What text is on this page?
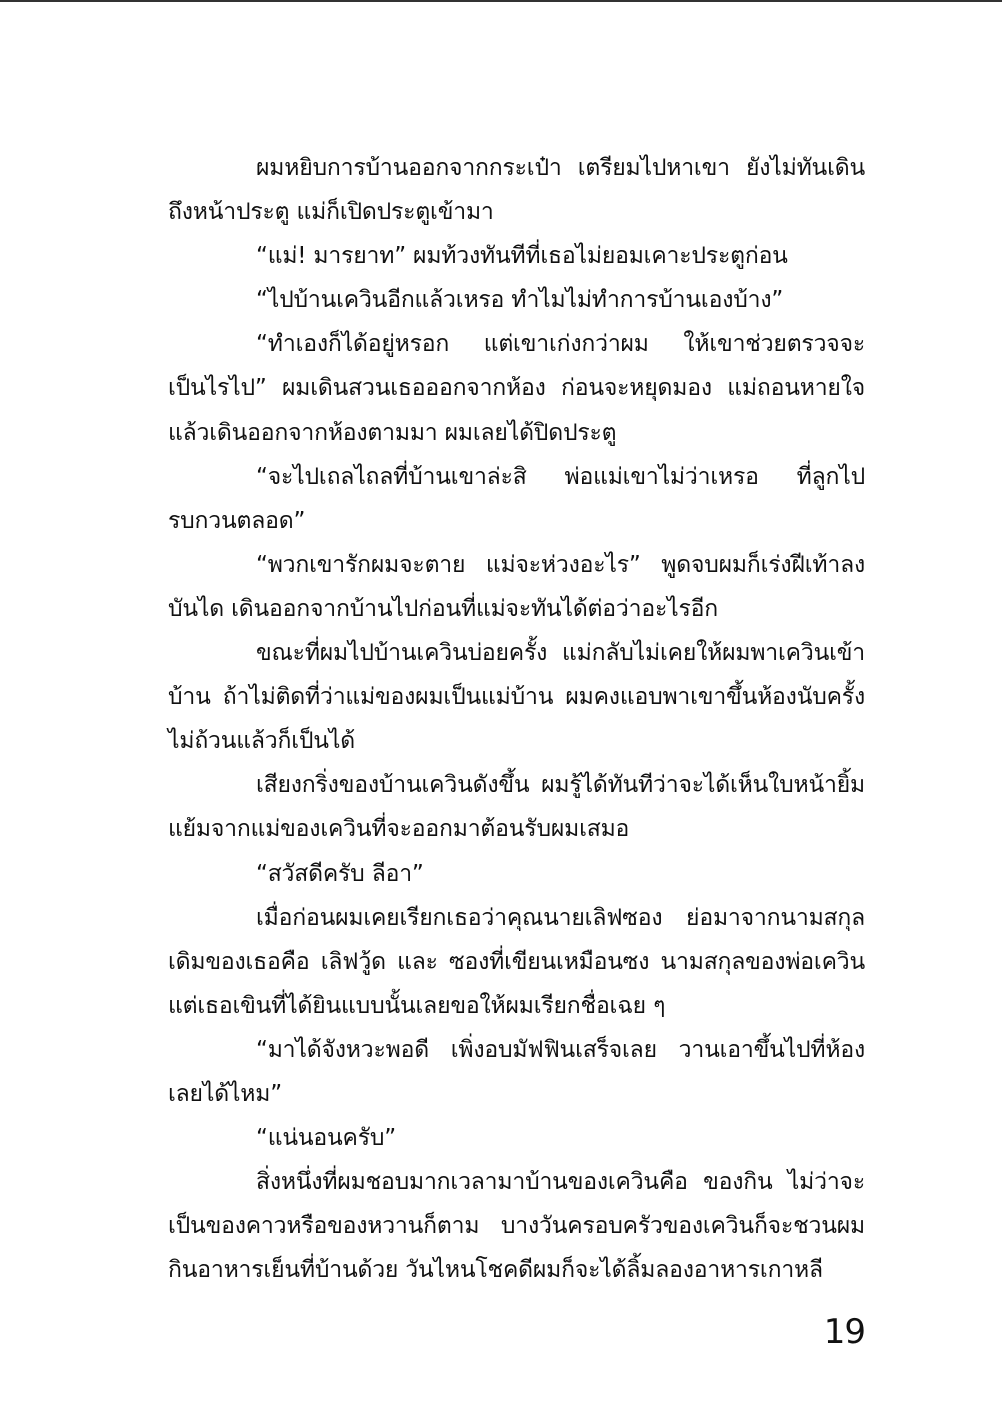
ผมหยิบการบ้านออกจากกระเป๋า เตรียมไปหาเขา ยังไม่ทันเดินถึงหน้าประตู แม่ก็เปิดประตูเข้ามา

“แม่! มารยาท” ผมท้วงทันทีที่เธอไม่ยอมเคาะประตูก่อน

“ไปบ้านเควินอีกแล้วเหรอ ทำไมไม่ทำการบ้านเองบ้าง”

“ทำเองก็ได้อยู่หรอก แต่เขาเก่งกว่าผม ให้เขาช่วยตรวจจะเป็นไรไป” ผมเดินสวนเธอออกจากห้อง ก่อนจะหยุดมอง แม่ถอนหายใจแล้วเดินออกจากห้องตามมา ผมเลยได้ปิดประตู

“จะไปเถลไถลที่บ้านเขาล่ะสิ พ่อแม่เขาไม่ว่าเหรอ ที่ลูกไปรบกวนตลอด”

“พวกเขารักผมจะตาย แม่จะห่วงอะไร” พูดจบผมก็เร่งฝีเท้าลงบันได เดินออกจากบ้านไปก่อนที่แม่จะทันได้ต่อว่าอะไรอีก

ขณะที่ผมไปบ้านเควินบ่อยครั้ง แม่กลับไม่เคยให้ผมพาเควินเข้าบ้าน ถ้าไม่ติดที่ว่าแม่ของผมเป็นแม่บ้าน ผมคงแอบพาเขาขึ้นห้องนับครั้งไม่ถ้วนแล้วก็เป็นได้

เสียงกริ่งของบ้านเควินดังขึ้น ผมรู้ได้ทันทีว่าจะได้เห็นใบหน้ายิ้มแย้มจากแม่ของเควินที่จะออกมาต้อนรับผมเสมอ

“สวัสดีครับ ลีอา”

เมื่อก่อนผมเคยเรียกเธอว่าคุณนายเลิฟซอง ย่อมาจากนามสกุลเดิมของเธอคือ เลิฟวู้ด และ ซองที่เขียนเหมือนซง นามสกุลของพ่อเควิน แต่เธอเขินที่ได้ยินแบบนั้นเลยขอให้ผมเรียกชื่อเฉย ๆ

“มาได้จังหวะพอดี เพิ่งอบมัฟฟินเสร็จเลย วานเอาขึ้นไปที่ห้องเลยได้ไหม”

“แน่นอนครับ”

สิ่งหนึ่งที่ผมชอบมากเวลามาบ้านของเควินคือ ของกิน ไม่ว่าจะเป็นของคาวหรือของหวานก็ตาม บางวันครอบครัวของเควินก็จะชวนผมกินอาหารเย็นที่บ้านด้วย วันไหนโชคดีผมก็จะได้ลิ้มลองอาหารเกาหลี

19
